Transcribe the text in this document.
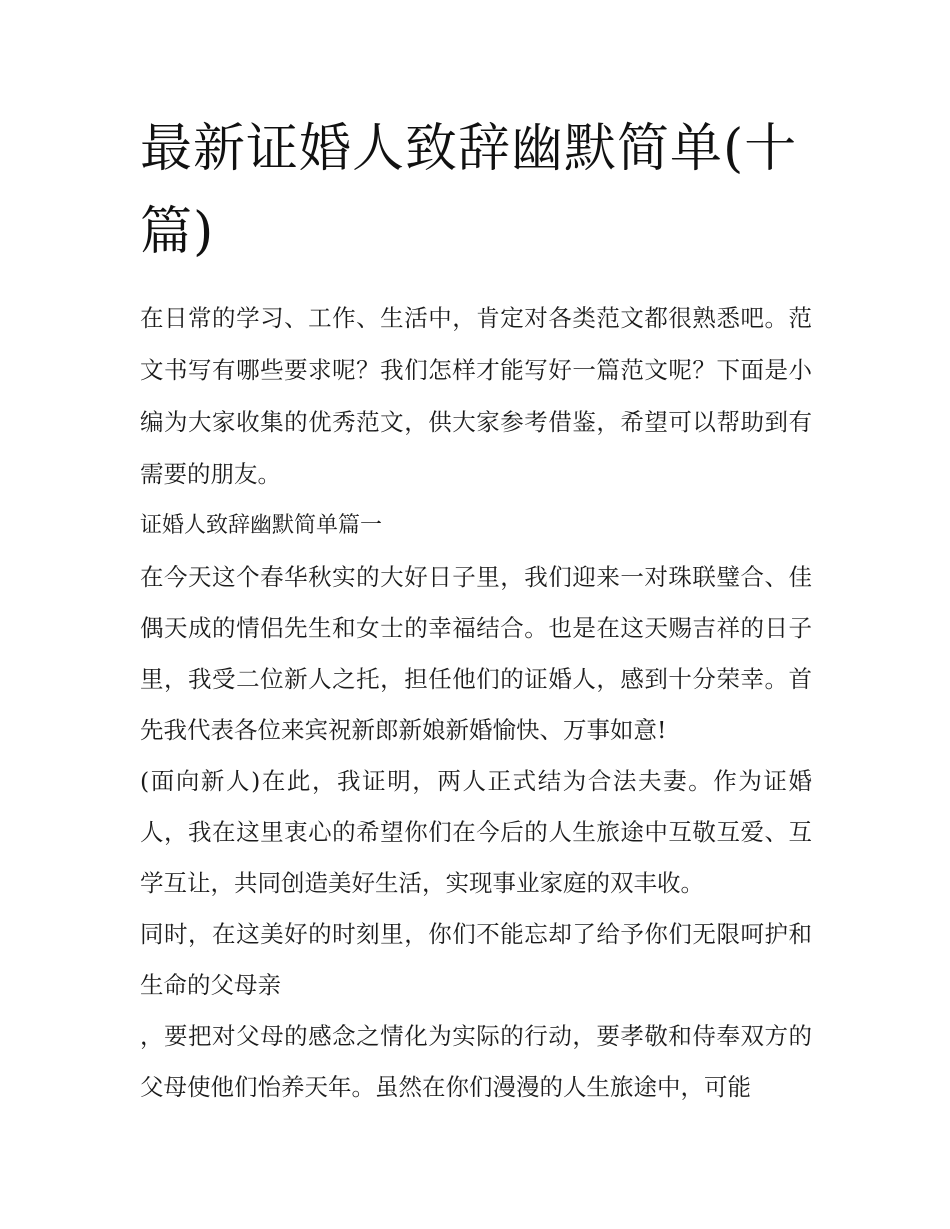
最新证婚人致辞幽默简单(十篇)

在日常的学习、工作、生活中，肯定对各类范文都很熟悉吧。范文书写有哪些要求呢？我们怎样才能写好一篇范文呢？下面是小编为大家收集的优秀范文，供大家参考借鉴，希望可以帮助到有需要的朋友。

证婚人致辞幽默简单篇一

在今天这个春华秋实的大好日子里，我们迎来一对珠联璧合、佳偶天成的情侣先生和女士的幸福结合。也是在这天赐吉祥的日子里，我受二位新人之托，担任他们的证婚人，感到十分荣幸。首先我代表各位来宾祝新郎新娘新婚愉快、万事如意!

(面向新人)在此，我证明，两人正式结为合法夫妻。作为证婚人，我在这里衷心的希望你们在今后的人生旅途中互敬互爱、互学互让，共同创造美好生活，实现事业家庭的双丰收。

同时，在这美好的时刻里，你们不能忘却了给予你们无限呵护和生命的父母亲

，要把对父母的感念之情化为实际的行动，要孝敬和侍奉双方的父母使他们怡养天年。虽然在你们漫漫的人生旅途中，可能
